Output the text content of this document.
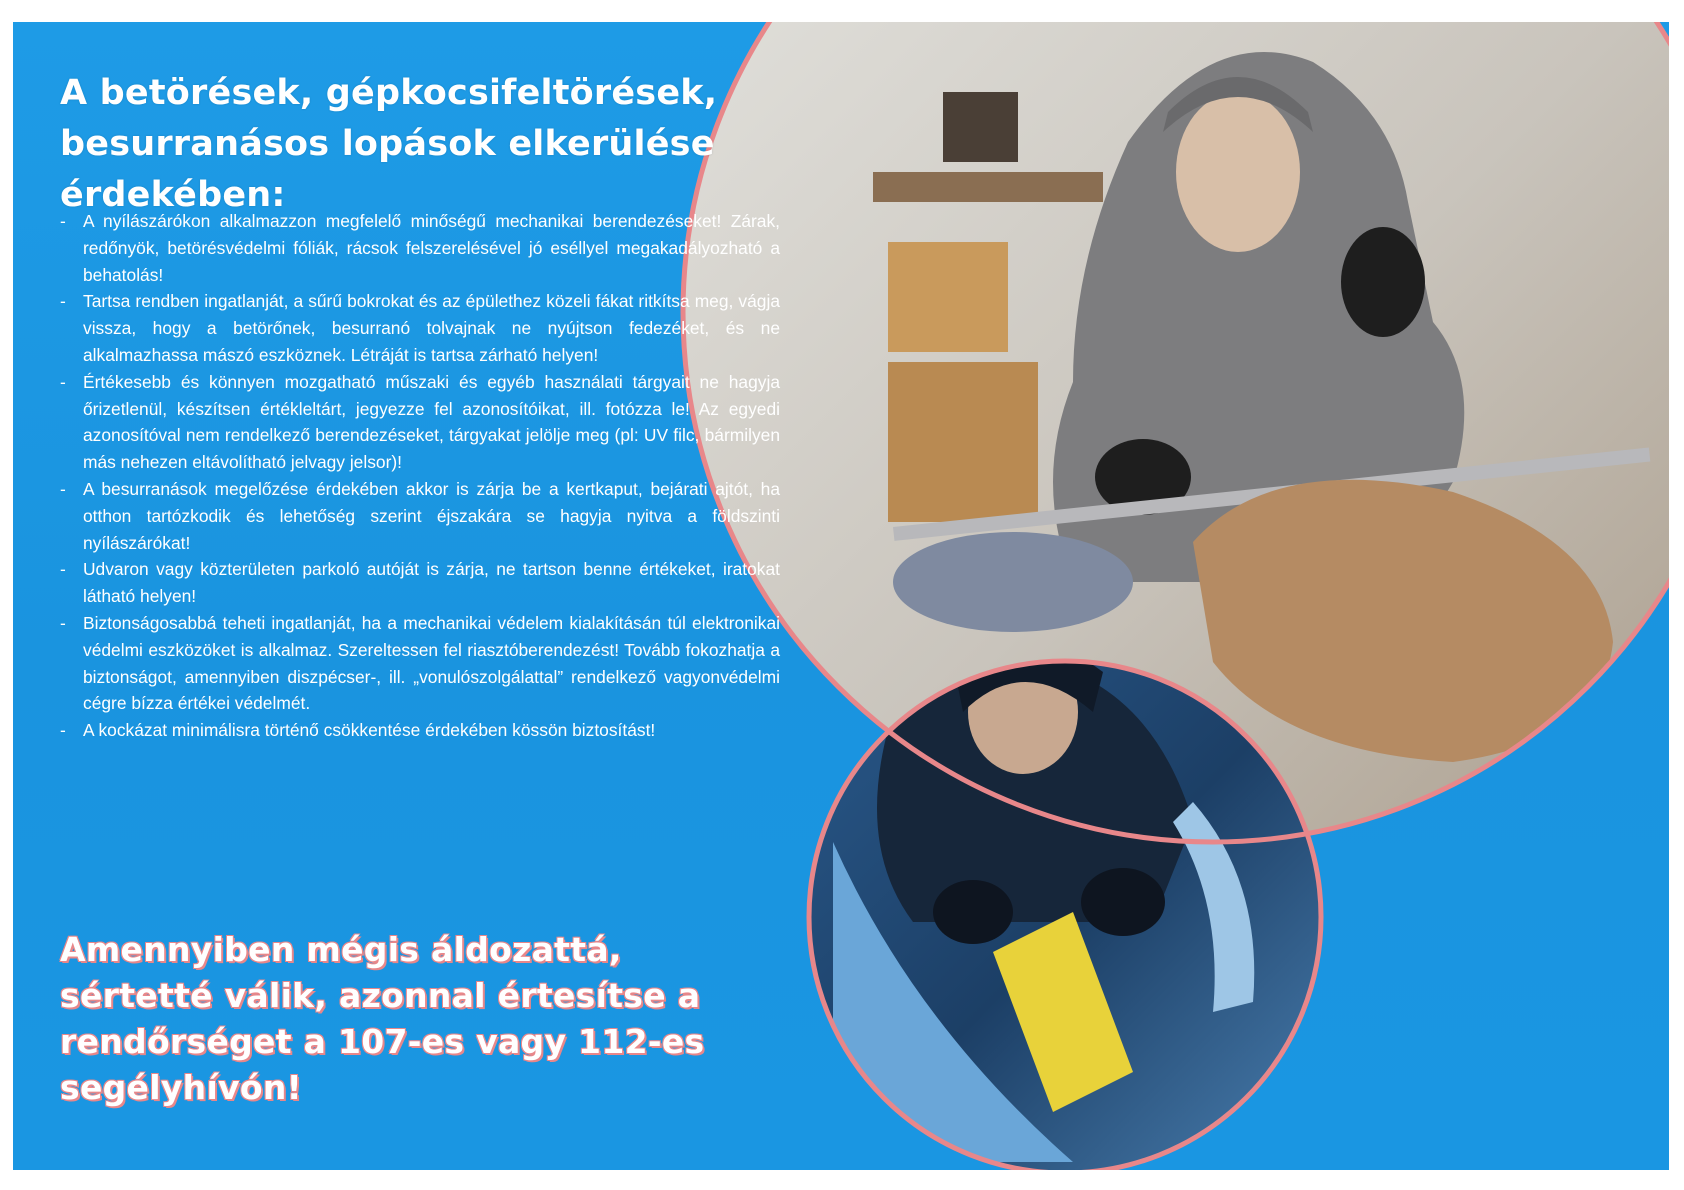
A betörések, gépkocsifeltörések, besurranásos lopások elkerülése érdekében:
- A nyílászárókon alkalmazzon megfelelő minőségű mechanikai berendezéseket! Zárak, redőnyök, betörésvédelmi fóliák, rácsok felszerelésével jó eséllyel megakadályozható a behatolás!
- Tartsa rendben ingatlanját, a sűrű bokrokat és az épülethez közeli fákat ritkítsa meg, vágja vissza, hogy a betörőnek, besurranó tolvajnak ne nyújtson fedezéket, és ne alkalmazhassa mászó eszköznek. Létráját is tartsa zárható helyen!
- Értékesebb és könnyen mozgatható műszaki és egyéb használati tárgyait ne hagyja őrizetlenül, készítsen értékleltárt, jegyezze fel azonosítóikat, ill. fotózza le! Az egyedi azonosítóval nem rendelkező berendezéseket, tárgyakat jelölje meg (pl: UV filc, bármilyen más nehezen eltávolítható jelvagy jelsor)!
- A besurranások megelőzése érdekében akkor is zárja be a kertkaput, bejárati ajtót, ha otthon tartózkodik és lehetőség szerint éjszakára se hagyja nyitva a földszinti nyílászárókat!
- Udvaron vagy közterületen parkoló autóját is zárja, ne tartson benne értékeket, iratokat látható helyen!
- Biztonságosabbá teheti ingatlanját, ha a mechanikai védelem kialakításán túl elektronikai védelmi eszközöket is alkalmaz. Szereltessen fel riasztóberendezést! Tovább fokozhatja a biztonságot, amennyiben diszpécser-, ill. „vonulószolgálattal” rendelkező vagyonvédelmi cégre bízza értékei védelmét.
- A kockázat minimálisra történő csökkentése érdekében kössön biztosítást!

Amennyiben mégis áldozattá, sértetté válik, azonnal értesítse a rendőrséget a 107-es vagy 112-es segélyhívón!
